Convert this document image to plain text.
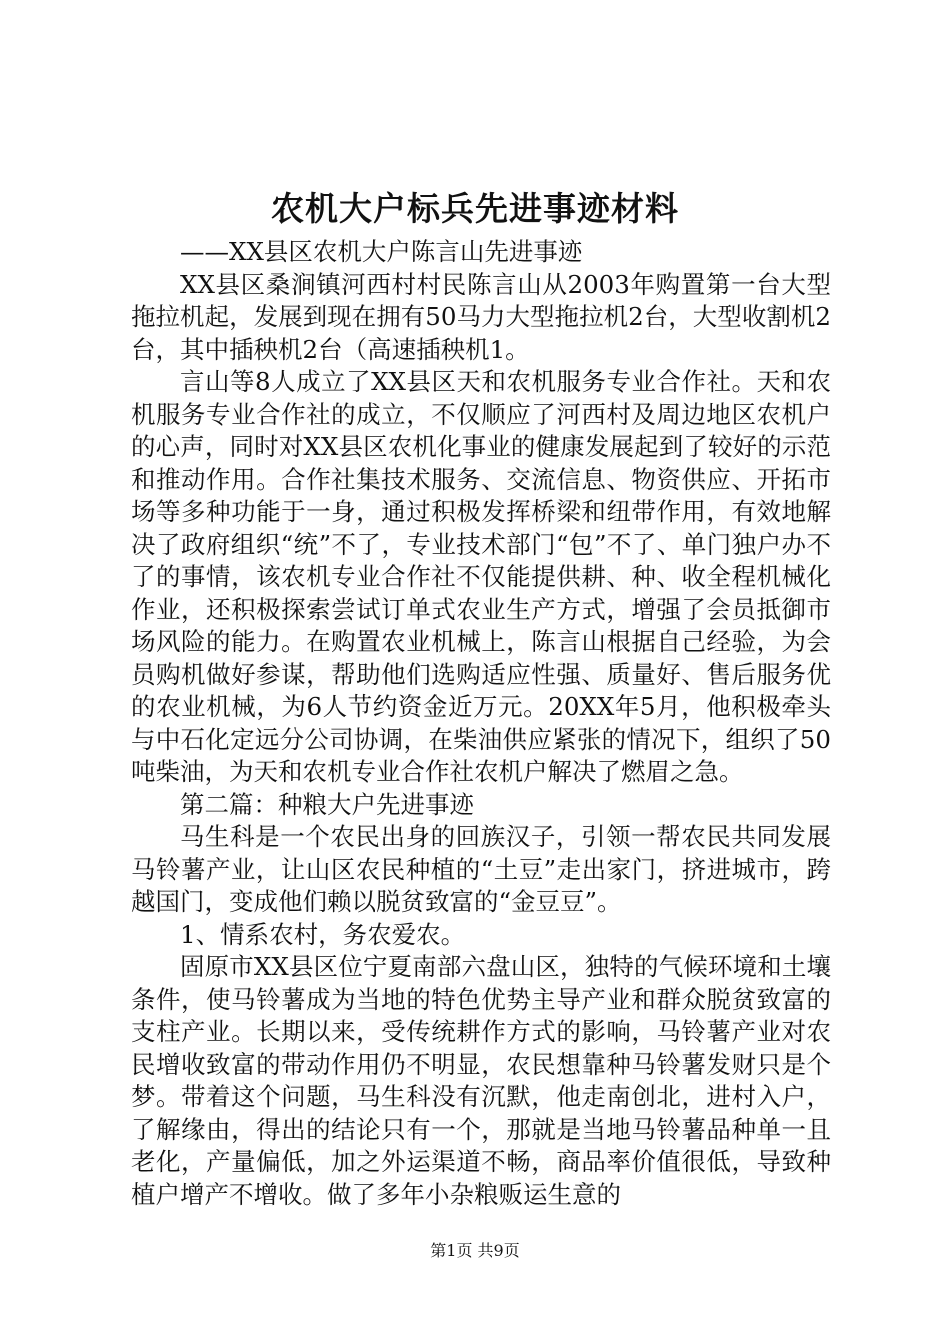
农机大户标兵先进事迹材料

——XX县区农机大户陈言山先进事迹

XX县区桑涧镇河西村村民陈言山从2003年购置第一台大型拖拉机起，发展到现在拥有50马力大型拖拉机2台，大型收割机2台，其中插秧机2台（高速插秧机1。

言山等8人成立了XX县区天和农机服务专业合作社。天和农机服务专业合作社的成立，不仅顺应了河西村及周边地区农机户的心声，同时对XX县区农机化事业的健康发展起到了较好的示范和推动作用。合作社集技术服务、交流信息、物资供应、开拓市场等多种功能于一身，通过积极发挥桥梁和纽带作用，有效地解决了政府组织“统”不了，专业技术部门“包”不了、单门独户办不了的事情，该农机专业合作社不仅能提供耕、种、收全程机械化作业，还积极探索尝试订单式农业生产方式，增强了会员抵御市场风险的能力。在购置农业机械上，陈言山根据自己经验，为会员购机做好参谋，帮助他们选购适应性强、质量好、售后服务优的农业机械，为6人节约资金近万元。20XX年5月，他积极牵头与中石化定远分公司协调，在柴油供应紧张的情况下，组织了50吨柴油，为天和农机专业合作社农机户解决了燃眉之急。

第二篇：种粮大户先进事迹

马生科是一个农民出身的回族汉子，引领一帮农民共同发展马铃薯产业，让山区农民种植的“土豆”走出家门，挤进城市，跨越国门，变成他们赖以脱贫致富的“金豆豆”。

1、情系农村，务农爱农。

固原市XX县区位宁夏南部六盘山区，独特的气候环境和土壤条件，使马铃薯成为当地的特色优势主导产业和群众脱贫致富的支柱产业。长期以来，受传统耕作方式的影响，马铃薯产业对农民增收致富的带动作用仍不明显，农民想靠种马铃薯发财只是个梦。带着这个问题，马生科没有沉默，他走南创北，进村入户，了解缘由，得出的结论只有一个，那就是当地马铃薯品种单一且老化，产量偏低，加之外运渠道不畅，商品率价值很低，导致种植户增产不增收。做了多年小杂粮贩运生意的

第1页 共9页
